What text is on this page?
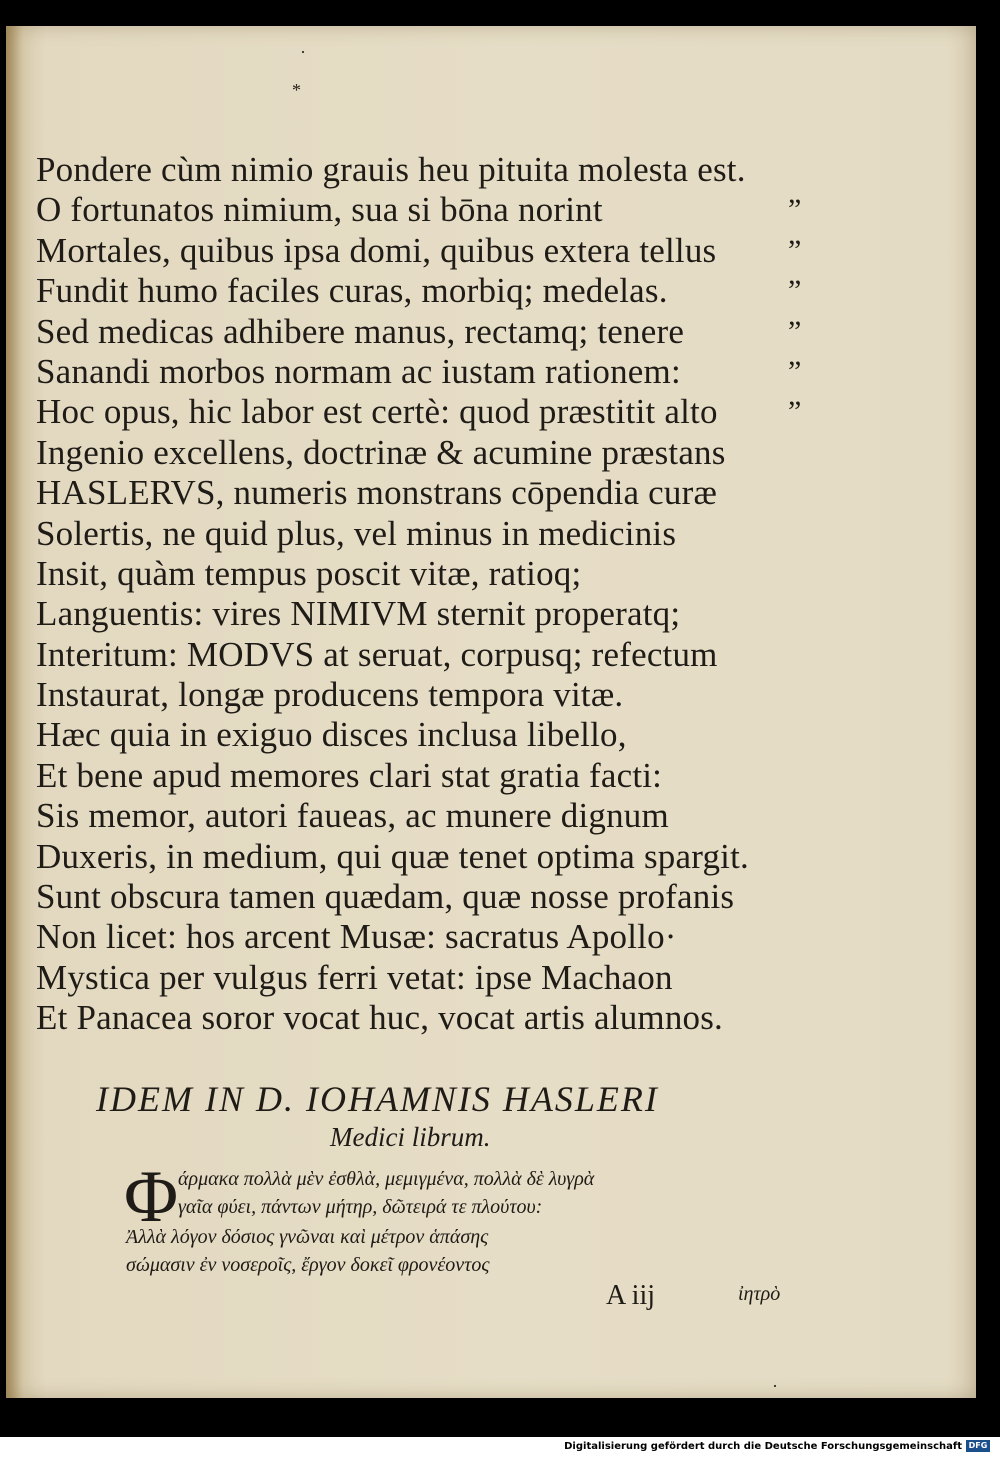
·
*
·
Pondere cùm nimio grauis heu pituita molesta est.
O fortunatos nimium, sua si bōna norint	”
Mortales, quibus ipsa domi, quibus extera tellus ”
Fundit humo faciles curas, morbiq; medelas.	”
Sed medicas adhibere manus, rectamq; tenere	”
Sanandi morbos normam ac iustam rationem:	”
Hoc opus, hic labor est certè: quod præstitit alto ”
Ingenio excellens, doctrinæ & acumine præstans
HASLERVS, numeris monstrans cōpendia curæ
Solertis, ne quid plus, vel minus in medicinis
Insit, quàm tempus poscit vitæ, ratioq;
Languentis: vires NIMIVM sternit properatq;
Interitum: MODVS at seruat, corpusq; refectum
Instaurat, longæ producens tempora vitæ.
Hæc quia in exiguo disces inclusa libello,
Et bene apud memores clari stat gratia facti:
Sis memor, autori faueas, ac munere dignum
Duxeris, in medium, qui quæ tenet optima spargit.
Sunt obscura tamen quædam, quæ nosse profanis
Non licet: hos arcent Musæ: sacratus Apollo·
Mystica per vulgus ferri vetat: ipse Machaon
Et Panacea soror vocat huc, vocat artis alumnos.
IDEM IN D. IOHAMNIS HASLERI
Medici librum.
Φ άρμακα πολλὰ μὲν ἐσθλὰ, μεμιγμένα, πολλὰ δὲ λυγρὰ
γαῖα φύει, πάντων μήτηρ, δῶτειρά τε πλούτου:
Ἀλλὰ λόγον δόσιος γνῶναι καὶ μέτρον ἁπάσης
σώμασιν ἐν νοσεροῖς, ἔργον δοκεῖ φρονέοντος
A iij	ἰητρὸ
Digitalisierung gefördert durch die Deutsche Forschungsgemeinschaft DFG
